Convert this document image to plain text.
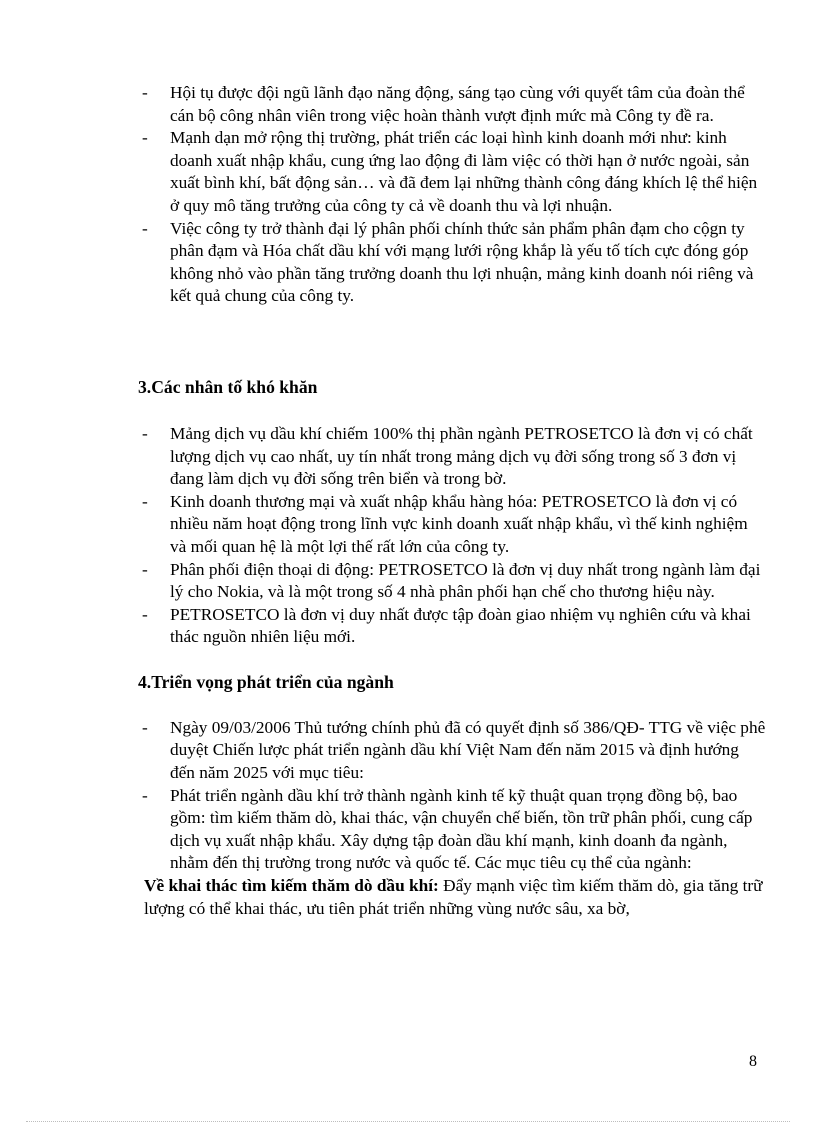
- Hội tụ được đội ngũ lãnh đạo năng động, sáng tạo cùng với quyết tâm của đoàn thể cán bộ công nhân viên trong việc hoàn thành vượt định mức mà Công ty đề ra.
- Mạnh dạn mở rộng thị trường, phát triển các loại hình kinh doanh mới như: kinh doanh xuất nhập khẩu, cung ứng lao động đi làm việc có thời hạn ở nước ngoài, sản xuất bình khí, bất động sản… và đã đem lại những thành công đáng khích lệ thể hiện ở quy mô tăng trưởng của công ty cả về doanh thu và lợi nhuận.
- Việc công ty trở thành đại lý phân phối chính thức sản phẩm phân đạm cho cộgn ty phân đạm và Hóa chất dầu khí với mạng lưới rộng khắp là yếu tố tích cực đóng góp không nhỏ vào phần tăng trưởng doanh thu lợi nhuận, mảng kinh doanh nói riêng và kết quả chung của công ty.

3.Các nhân tố khó khăn

- Mảng dịch vụ dầu khí chiếm 100% thị phần ngành PETROSETCO là đơn vị có chất lượng dịch vụ cao nhất, uy tín nhất trong mảng dịch vụ đời sống trong số 3 đơn vị đang làm dịch vụ đời sống trên biển và trong bờ.
- Kinh doanh thương mại và xuất nhập khẩu hàng hóa: PETROSETCO là đơn vị có nhiều năm hoạt động trong lĩnh vực kinh doanh xuất nhập khẩu, vì thế kinh nghiệm và mối quan hệ là một lợi thế rất lớn của công ty.
- Phân phối điện thoại di động: PETROSETCO là đơn vị duy nhất trong ngành làm đại lý cho Nokia, và là một trong số 4 nhà phân phối hạn chế cho thương hiệu này.
- PETROSETCO là đơn vị duy nhất được tập đoàn giao nhiệm vụ nghiên cứu và khai thác nguồn nhiên liệu mới.

4.Triển vọng phát triển của ngành

- Ngày 09/03/2006 Thủ tướng chính phủ đã có quyết định số 386/QĐ- TTG về việc phê duyệt Chiến lược phát triển ngành dầu khí Việt Nam đến năm 2015 và định hướng đến năm 2025 với mục tiêu:
- Phát triển ngành dầu khí trở thành ngành kinh tế kỹ thuật quan trọng đồng bộ, bao gồm: tìm kiếm thăm dò, khai thác, vận chuyển chế biến, tồn trữ phân phối, cung cấp dịch vụ xuất nhập khẩu. Xây dựng tập đoàn dầu khí mạnh, kinh doanh đa ngành, nhằm đến thị trường trong nước và quốc tế. Các mục tiêu cụ thể của ngành:

Về khai thác tìm kiếm thăm dò dầu khí: Đẩy mạnh việc tìm kiếm thăm dò, gia tăng trữ lượng có thể khai thác, ưu tiên phát triển những vùng nước sâu, xa bờ,

8
